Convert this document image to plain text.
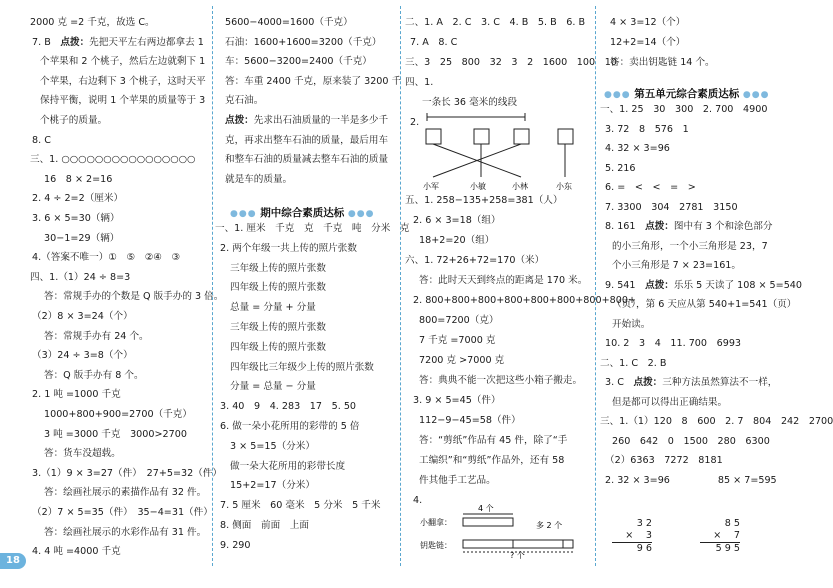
18
2000 克 =2 千克，故选 C。
7. B　点拨：先把天平左右两边都拿去 1
个苹果和 2 个桃子，然后左边就剩下 1
个苹果，右边剩下 3 个桃子，这时天平
保持平衡，说明 1 个苹果的质量等于 3
个桃子的质量。
8. C
三、1. ○○○○○○○○○○○○○○○○
16　8 × 2=16
2. 4 ÷ 2=2（厘米）
3. 6 × 5=30（辆）
30−1=29（辆）
4.（答案不唯一）①　⑤　②④　③
四、1.（1）24 ÷ 8=3
答：常规手办的个数是 Q 版手办的 3 倍。
（2）8 × 3=24（个）
答：常规手办有 24 个。
（3）24 ÷ 3=8（个）
答：Q 版手办有 8 个。
2. 1 吨 =1000 千克
1000+800+900=2700（千克）
3 吨 =3000 千克　3000>2700
答：货车没超载。
3.（1）9 × 3=27（件）　27+5=32（件）
答：绘画社展示的素描作品有 32 件。
（2）7 × 5=35（件）　35−4=31（件）
答：绘画社展示的水彩作品有 31 件。
4. 4 吨 =4000 千克
5600−4000=1600（千克）
石油：1600+1600=3200（千克）
车：5600−3200=2400（千克）
答：车重 2400 千克，原来装了 3200 千
克石油。
点拨：先求出石油质量的一半是多少千
克，再求出整车石油的质量，最后用车
和整车石油的质量减去整车石油的质量
就是车的质量。
●●● 期中综合素质达标 ●●●
一、1. 厘米　千克　克　千克　吨　分米　克
2. 两个年级一共上传的照片张数
三年级上传的照片张数
四年级上传的照片张数
总量 = 分量 + 分量
三年级上传的照片张数
四年级上传的照片张数
四年级比三年级少上传的照片张数
分量 = 总量 − 分量
3. 40　9　4. 283　17　5. 50
6. 做一朵小花所用的彩带的 5 倍
3 × 5=15（分米）
做一朵大花所用的彩带长度
15+2=17（分米）
7. 5 厘米　60 毫米　5 分米　5 千米
8. 侧面　前面　上面
9. 290
二、1. A　2. C　3. C　4. B　5. B　6. B
7. A　8. C
三、3　25　800　32　3　2　1600　100　10
四、1.
一条长 36 毫米的线段
2.
小军	小敏	小林	小东
五、1. 258−135+258=381（人）
2. 6 × 3=18（组）
18+2=20（组）
六、1. 72+26+72=170（米）
答：此时天天到终点的距离是 170 米。
2. 800+800+800+800+800+800+800+800+
800=7200（克）
7 千克 =7000 克
7200 克 >7000 克
答：典典不能一次把这些小箱子搬走。
3. 9 × 5=45（件）
112−9−45=58（件）
答：“剪纸”作品有 45 件，除了“手
工编织”和“剪纸”作品外，还有 58
件其他手工艺品。
4.
4 个
小翻拿：	多 2 个
钥匙链：
? 个
4 × 3=12（个）
12+2=14（个）
答：卖出钥匙链 14 个。
●●● 第五单元综合素质达标 ●●●
一、1. 25　30　300　2. 700　4900
3. 72　8　576　1
4. 32 × 3=96
5. 216
6. =　<　<　=　>
7. 3300　304　2781　3150
8. 161　点拨：图中有 3 个和涂色部分
的小三角形，一个小三角形是 23，7
个小三角形是 7 × 23=161。
9. 541　点拨：乐乐 5 天读了 108 × 5=540
（页），第 6 天应从第 540+1=541（页）
开始读。
10. 2　3　4　11. 700　6993
二、1. C　2. B
3. C　点拨：三种方法虽然算法不一样，
但是都可以得出正确结果。
三、1.（1）120　8　600　2. 7　804　242　2700
260　642　0　1500　280　6300
（2）6363　7272　8181
2. 32 × 3=96　　　　　85 × 7=595
3 2
× 　3
9 6
8 5
× 　7
5 9 5
